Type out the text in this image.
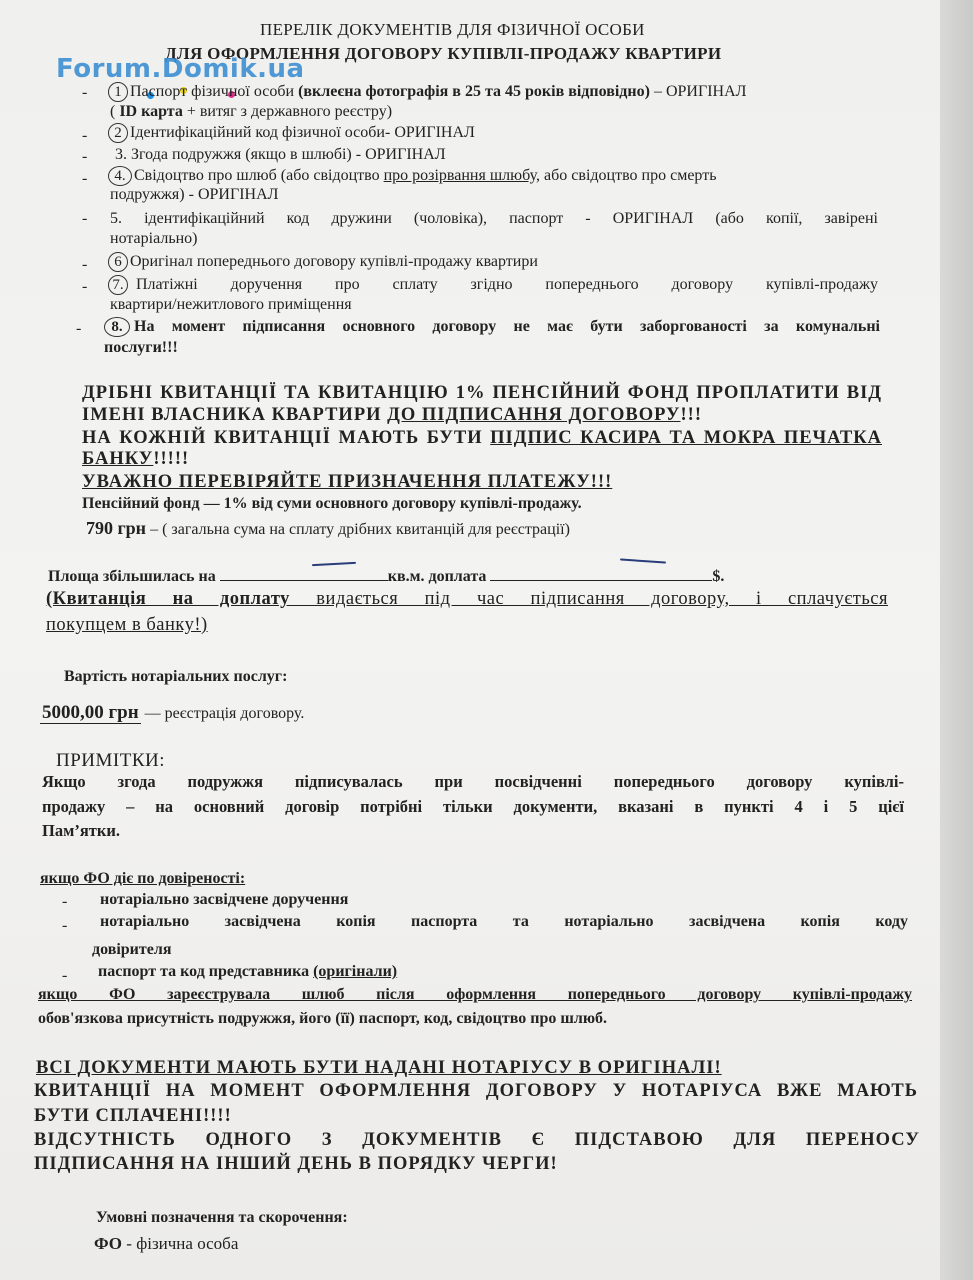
ПЕРЕЛІК ДОКУМЕНТІВ ДЛЯ ФІЗИЧНОЇ ОСОБИ
ДЛЯ ОФОРМЛЕННЯ ДОГОВОРУ КУПІВЛІ-ПРОДАЖУ КВАРТИРИ
Forum.Domik.ua
-	1 Паспорт фізичної особи (вклеєна фотографія в 25 та 45 років відповідно) – ОРИГІНАЛ
( ID карта + витяг з державного реєстру)
-	2 Ідентифікаційний код фізичної особи- ОРИГІНАЛ
- 3. Згода подружжя (якщо в шлюбі) - ОРИГІНАЛ
-	4. Свідоцтво про шлюб (або свідоцтво про розірвання шлюбу, або свідоцтво про смерть
подружжя) - ОРИГІНАЛ
- 5. ідентифікаційний код дружини (чоловіка), паспорт - ОРИГІНАЛ (або копії, завірені
нотаріально)
-	6 Оригінал попереднього договору купівлі-продажу квартири
- 7. Платіжні доручення про сплату згідно попереднього договору купівлі-продажу
квартири/нежитлового приміщення
-	8. На момент підписання основного договору не має бути заборгованості за комунальні
послуги!!!
ДРІБНІ КВИТАНЦІЇ ТА КВИТАНЦІЮ 1% ПЕНСІЙНИЙ ФОНД ПРОПЛАТИТИ ВІД
ІМЕНІ ВЛАСНИКА КВАРТИРИ ДО ПІДПИСАННЯ ДОГОВОРУ!!!
НА КОЖНІЙ КВИТАНЦІЇ МАЮТЬ БУТИ ПІДПИС КАСИРА ТА МОКРА ПЕЧАТКА
БАНКУ!!!!!
УВАЖНО ПЕРЕВІРЯЙТЕ ПРИЗНАЧЕННЯ ПЛАТЕЖУ!!!
Пенсійний фонд — 1% від суми основного договору купівлі-продажу.
790 грн – ( загальна сума на сплату дрібних квитанцій для реєстрації)
Площа збільшилась на	кв.м. доплата	$.
(Квитанція на доплату видається під час підписання договору, і сплачується
покупцем в банку!)
Вартість нотаріальних послуг:
5000,00 грн — реєстрація договору.
ПРИМІТКИ:
Якщо згода подружжя підписувалась при посвідченні попереднього договору купівлі-
продажу – на основний договір потрібні тільки документи, вказані в пункті 4 і 5 цієї
Пам’ятки.
якщо ФО діє по довіреності:
- нотаріально засвідчене доручення
- нотаріально засвідчена копія паспорта та нотаріально засвідчена копія коду
довірителя
- паспорт та код представника (оригінали)
якщо ФО зареєструвала шлюб після оформлення попереднього договору купівлі-продажу
обов'язкова присутність подружжя, його (її) паспорт, код, свідоцтво про шлюб.
ВСІ ДОКУМЕНТИ МАЮТЬ БУТИ НАДАНІ НОТАРІУСУ В ОРИГІНАЛІ!
КВИТАНЦІЇ НА МОМЕНТ ОФОРМЛЕННЯ ДОГОВОРУ У НОТАРІУСА ВЖЕ МАЮТЬ
БУТИ СПЛАЧЕНІ!!!!
ВІДСУТНІСТЬ ОДНОГО З ДОКУМЕНТІВ Є ПІДСТАВОЮ ДЛЯ ПЕРЕНОСУ
ПІДПИСАННЯ НА ІНШИЙ ДЕНЬ В ПОРЯДКУ ЧЕРГИ!
Умовні позначення та скорочення:
ФО - фізична особа
